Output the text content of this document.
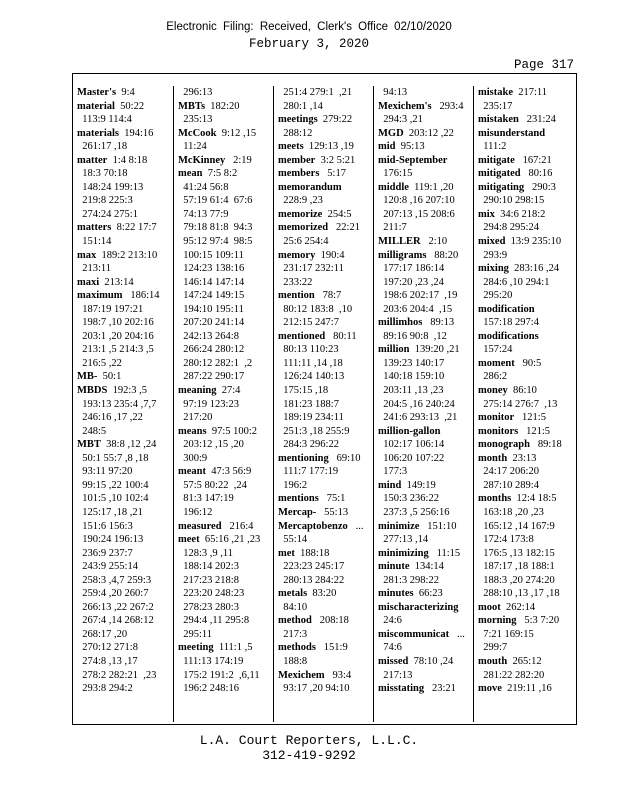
Electronic Filing: Received, Clerk's Office 02/10/2020
February 3, 2020
Page 317
Master's  9:4
material  50:22
113:9 114:4
materials  194:16
261:17 ,18
matter  1:4 8:18
18:3 70:18
148:24 199:13
219:8 225:3
274:24 275:1
matters  8:22 17:7
151:14
max  189:2 213:10
213:11
maxi  213:14
maximum   186:14
187:19 197:21
198:7 ,10 202:16
203:1 ,20 204:16
213:1 ,5 214:3 ,5
216:5 ,22
MB-  50:1
MBDS  192:3 ,5
193:13 235:4 ,7,7
246:16 ,17 ,22
248:5
MBT  38:8 ,12 ,24
50:1 55:7 ,8 ,18
93:11 97:20
99:15 ,22 100:4
101:5 ,10 102:4
125:17 ,18 ,21
151:6 156:3
190:24 196:13
236:9 237:7
243:9 255:14
258:3 ,4,7 259:3
259:4 ,20 260:7
266:13 ,22 267:2
267:4 ,14 268:12
268:17 ,20
270:12 271:8
274:8 ,13 ,17
278:2 282:21  ,23
293:8 294:2
296:13
MBTs  182:20
235:13
McCook  9:12 ,15
11:24
McKinney   2:19
mean  7:5 8:2
41:24 56:8
57:19 61:4  67:6
74:13 77:9
79:18 81:8  94:3
95:12 97:4  98:5
100:15 109:11
124:23 138:16
146:14 147:14
147:24 149:15
194:10 195:11
207:20 241:14
242:13 264:8
266:24 280:12
280:12 282:1  ,2
287:22 290:17
meaning  27:4
97:19 123:23
217:20
means  97:5 100:2
203:12 ,15 ,20
300:9
meant  47:3 56:9
57:5 80:22  ,24
81:3 147:19
196:12
measured   216:4
meet  65:16 ,21 ,23
128:3 ,9 ,11
188:14 202:3
217:23 218:8
223:20 248:23
278:23 280:3
294:4 ,11 295:8
295:11
meeting  111:1 ,5
111:13 174:19
175:2 191:2  ,6,11
196:2 248:16
251:4 279:1  ,21
280:1 ,14
meetings  279:22
288:12
meets  129:13 ,19
member  3:2 5:21
members   5:17
memorandum
228:9 ,23
memorize  254:5
memorized   22:21
25:6 254:4
memory  190:4
231:17 232:11
233:22
mention   78:7
80:12 183:8  ,10
212:15 247:7
mentioned   80:11
80:13 110:23
111:11 ,14 ,18
126:24 140:13
175:15 ,18
181:23 188:7
189:19 234:11
251:3 ,18 255:9
284:3 296:22
mentioning   69:10
111:7 177:19
196:2
mentions   75:1
Mercap-   55:13
Mercaptobenzo   ...
55:14
met  188:18
223:23 245:17
280:13 284:22
metals  83:20
84:10
method   208:18
217:3
methods   151:9
188:8
Mexichem   93:4
93:17 ,20 94:10
94:13
Mexichem's   293:4
294:3 ,21
MGD  203:12 ,22
mid  95:13
mid-September
176:15
middle  119:1 ,20
120:8 ,16 207:10
207:13 ,15 208:6
211:7
MILLER   2:10
milligrams   88:20
177:17 186:14
197:20 ,23 ,24
198:6 202:17  ,19
203:6 204:4  ,15
millimhos   89:13
89:16 90:8  ,12
million  139:20 ,21
139:23 140:17
140:18 159:10
203:11 ,13 ,23
204:5 ,16 240:24
241:6 293:13  ,21
million-gallon
102:17 106:14
106:20 107:22
177:3
mind  149:19
150:3 236:22
237:3 ,5 256:16
minimize   151:10
277:13 ,14
minimizing   11:15
minute  134:14
281:3 298:22
minutes  66:23
mischaracterizing
24:6
miscommunicat   ...
74:6
missed  78:10 ,24
217:13
misstating   23:21
mistake  217:11
235:17
mistaken   231:24
misunderstand
111:2
mitigate   167:21
mitigated   80:16
mitigating   290:3
290:10 298:15
mix  34:6 218:2
294:8 295:24
mixed  13:9 235:10
293:9
mixing  283:16 ,24
284:6 ,10 294:1
295:20
modification
157:18 297:4
modifications
157:24
moment   90:5
286:2
money  86:10
275:14 276:7  ,13
monitor   121:5
monitors   121:5
monograph   89:18
month  23:13
24:17 206:20
287:10 289:4
months  12:4 18:5
163:18 ,20 ,23
165:12 ,14 167:9
172:4 173:8
176:5 ,13 182:15
187:17 ,18 188:1
188:3 ,20 274:20
288:10 ,13 ,17 ,18
moot  262:14
morning   5:3 7:20
7:21 169:15
299:7
mouth  265:12
281:22 282:20
move  219:11 ,16
L.A. Court Reporters, L.L.C.
312-419-9292
